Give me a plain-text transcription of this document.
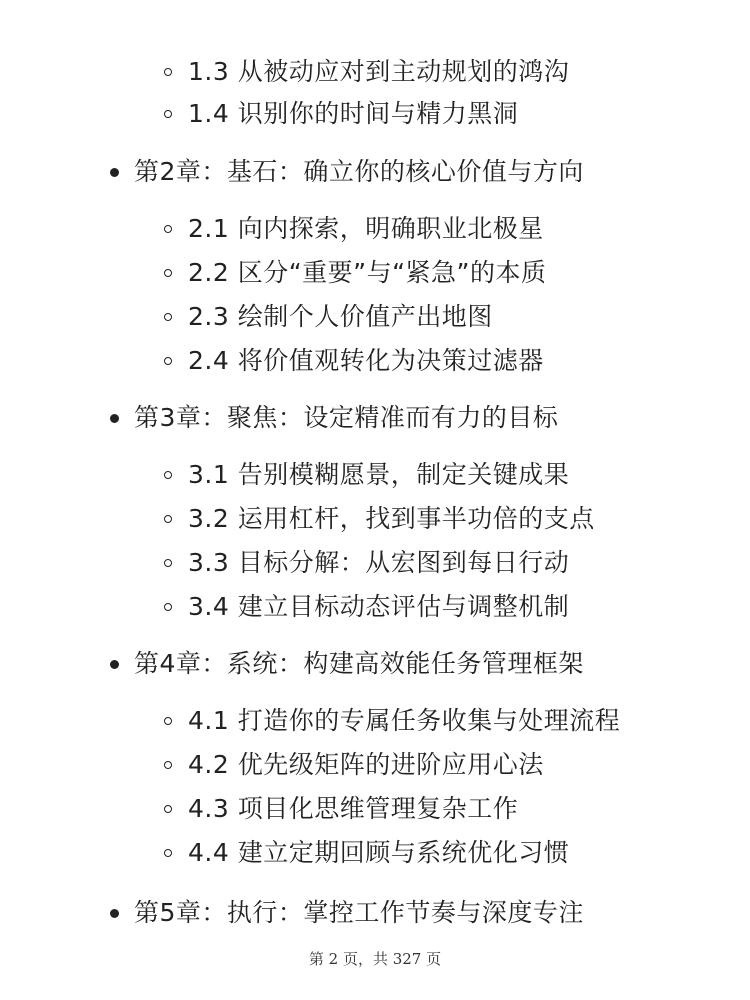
1.3 从被动应对到主动规划的鸿沟
1.4 识别你的时间与精力黑洞
第2章：基石：确立你的核心价值与方向
2.1 向内探索，明确职业北极星
2.2 区分“重要”与“紧急”的本质
2.3 绘制个人价值产出地图
2.4 将价值观转化为决策过滤器
第3章：聚焦：设定精准而有力的目标
3.1 告别模糊愿景，制定关键成果
3.2 运用杠杆，找到事半功倍的支点
3.3 目标分解：从宏图到每日行动
3.4 建立目标动态评估与调整机制
第4章：系统：构建高效能任务管理框架
4.1 打造你的专属任务收集与处理流程
4.2 优先级矩阵的进阶应用心法
4.3 项目化思维管理复杂工作
4.4 建立定期回顾与系统优化习惯
第5章：执行：掌控工作节奏与深度专注
第 2 页，共 327 页
